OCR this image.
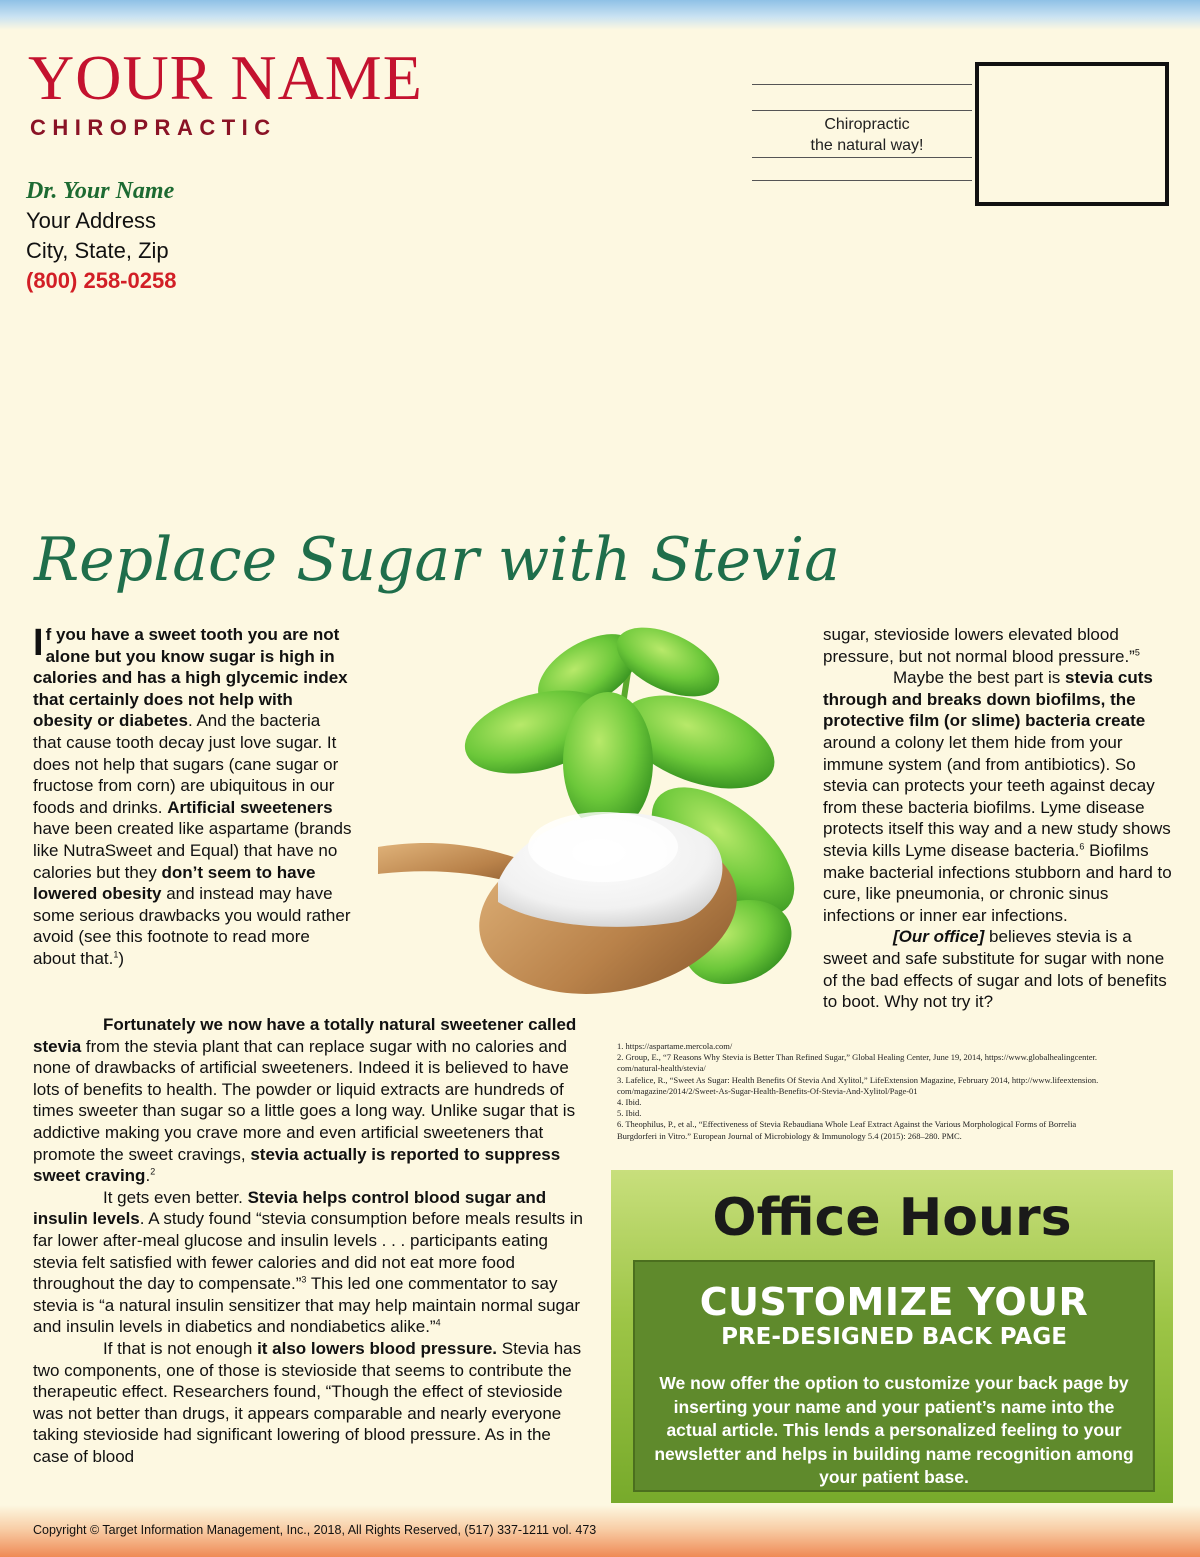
YOUR NAME
CHIROPRACTIC
Dr. Your Name
Your Address
City, State, Zip
(800) 258-0258
Chiropractic
the natural way!
Replace Sugar with Stevia

If you have a sweet tooth you are not alone but you know sugar is high in calories and has a high glycemic index that certainly does not help with obesity or diabetes. And the bacteria that cause tooth decay just love sugar. It does not help that sugars (cane sugar or fructose from corn) are ubiquitous in our foods and drinks. Artificial sweeteners have been created like aspartame (brands like NutraSweet and Equal) that have no calories but they don’t seem to have lowered obesity and instead may have some serious drawbacks you would rather avoid (see this footnote to read more about that.$^1$)

Fortunately we now have a totally natural sweetener called stevia from the stevia plant that can replace sugar with no calories and none of drawbacks of artificial sweeteners. Indeed it is believed to have lots of benefits to health. The powder or liquid extracts are hundreds of times sweeter than sugar so a little goes a long way. Unlike sugar that is addictive making you crave more and even artificial sweeteners that promote the sweet cravings, stevia actually is reported to suppress sweet craving.$^2$

It gets even better. Stevia helps control blood sugar and insulin levels. A study found “stevia consumption before meals results in far lower after-meal glucose and insulin levels . . . participants eating stevia felt satisfied with fewer calories and did not eat more food throughout the day to compensate.”$^3$ This led one commentator to say stevia is “a natural insulin sensitizer that may help maintain normal sugar and insulin levels in diabetics and nondiabetics alike.”$^4$

If that is not enough it also lowers blood pressure. Stevia has two components, one of those is stevioside that seems to contribute the therapeutic effect. Researchers found, “Though the effect of stevioside was not better than drugs, it appears comparable and nearly everyone taking stevioside had significant lowering of blood pressure. As in the case of blood

sugar, stevioside lowers elevated blood pressure, but not normal blood pressure.”$^5$

Maybe the best part is stevia cuts through and breaks down biofilms, the protective film (or slime) bacteria create around a colony let them hide from your immune system (and from antibiotics). So stevia can protects your teeth against decay from these bacteria biofilms. Lyme disease protects itself this way and a new study shows stevia kills Lyme disease bacteria.$^6$ Biofilms make bacterial infections stubborn and hard to cure, like pneumonia, or chronic sinus infections or inner ear infections.

[Our office] believes stevia is a sweet and safe substitute for sugar with none of the bad effects of sugar and lots of benefits to boot. Why not try it?

1. https://aspartame.mercola.com/
2. Group, E., “7 Reasons Why Stevia is Better Than Refined Sugar,” Global Healing Center, June 19, 2014, https://www.globalhealingcenter.
com/natural-health/stevia/
3. Lafelice, R., “Sweet As Sugar: Health Benefits Of Stevia And Xylitol,” LifeExtension Magazine, February 2014, http://www.lifeextension.
com/magazine/2014/2/Sweet-As-Sugar-Health-Benefits-Of-Stevia-And-Xylitol/Page-01
4. Ibid.
5. Ibid.
6. Theophilus, P., et al., “Effectiveness of Stevia Rebaudiana Whole Leaf Extract Against the Various Morphological Forms of Borrelia
Burgdorferi in Vitro.” European Journal of Microbiology & Immunology 5.4 (2015): 268–280. PMC.
Office Hours
CUSTOMIZE YOUR
PRE-DESIGNED BACK PAGE
We now offer the option to customize your back page by inserting your name and your patient’s name into the actual article. This lends a personalized feeling to your newsletter and helps in building name recognition among your patient base.
Copyright © Target Information Management, Inc., 2018, All Rights Reserved, (517) 337-1211 vol. 473
